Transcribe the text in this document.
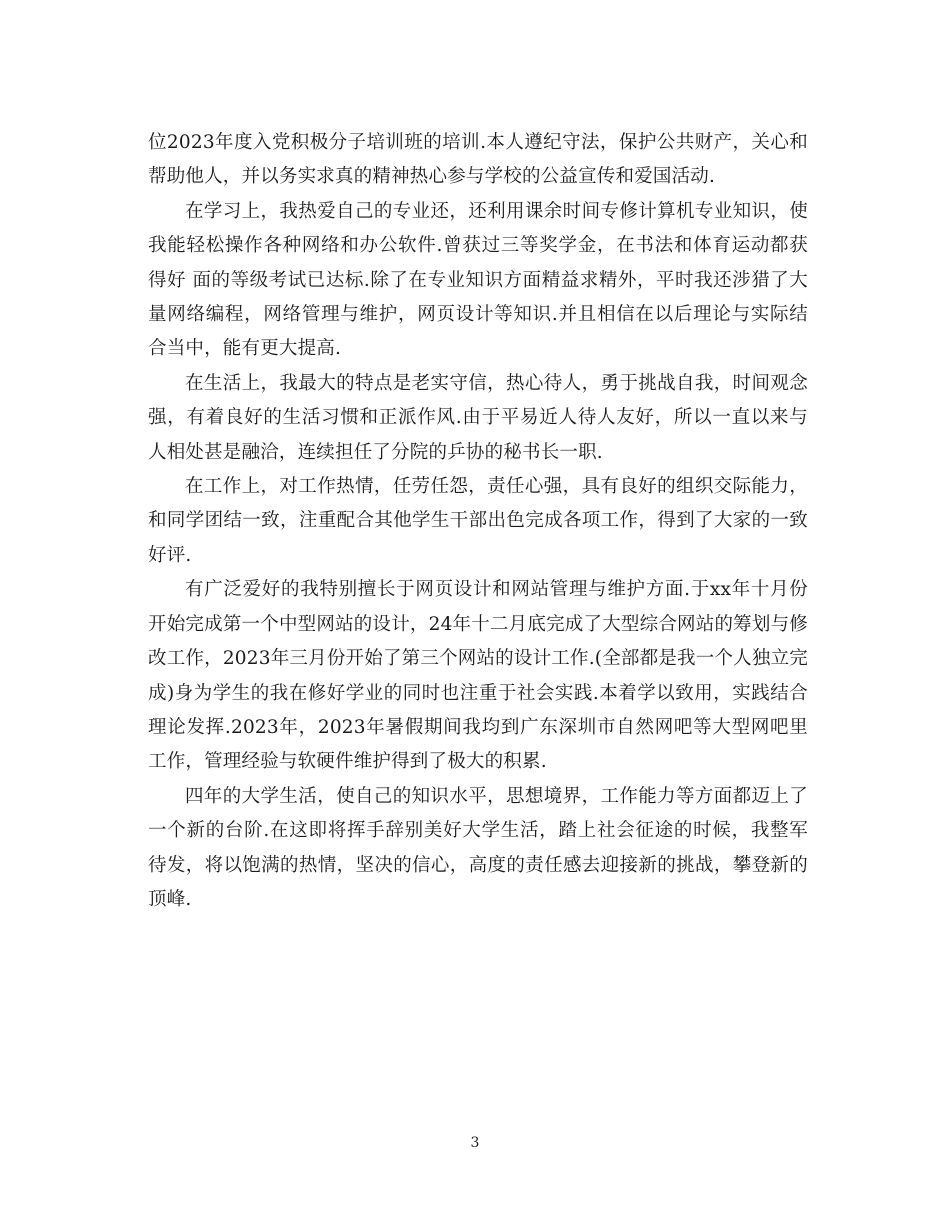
位2023年度入党积极分子培训班的培训.本人遵纪守法，保护公共财产，关心和帮助他人，并以务实求真的精神热心参与学校的公益宣传和爱国活动.

在学习上，我热爱自己的专业还，还利用课余时间专修计算机专业知识，使我能轻松操作各种网络和办公软件.曾获过三等奖学金，在书法和体育运动都获得好 面的等级考试已达标.除了在专业知识方面精益求精外，平时我还涉猎了大量网络编程，网络管理与维护，网页设计等知识.并且相信在以后理论与实际结合当中，能有更大提高.

在生活上，我最大的特点是老实守信，热心待人，勇于挑战自我，时间观念强，有着良好的生活习惯和正派作风.由于平易近人待人友好，所以一直以来与人相处甚是融洽，连续担任了分院的乒协的秘书长一职.

在工作上，对工作热情，任劳任怨，责任心强，具有良好的组织交际能力，和同学团结一致，注重配合其他学生干部出色完成各项工作，得到了大家的一致好评.

有广泛爱好的我特别擅长于网页设计和网站管理与维护方面.于xx年十月份开始完成第一个中型网站的设计，24年十二月底完成了大型综合网站的筹划与修改工作，2023年三月份开始了第三个网站的设计工作.(全部都是我一个人独立完成)身为学生的我在修好学业的同时也注重于社会实践.本着学以致用，实践结合理论发挥.2023年，2023年暑假期间我均到广东深圳市自然网吧等大型网吧里工作，管理经验与软硬件维护得到了极大的积累.

四年的大学生活，使自己的知识水平，思想境界，工作能力等方面都迈上了一个新的台阶.在这即将挥手辞别美好大学生活，踏上社会征途的时候，我整军待发，将以饱满的热情，坚决的信心，高度的责任感去迎接新的挑战，攀登新的顶峰.

3
